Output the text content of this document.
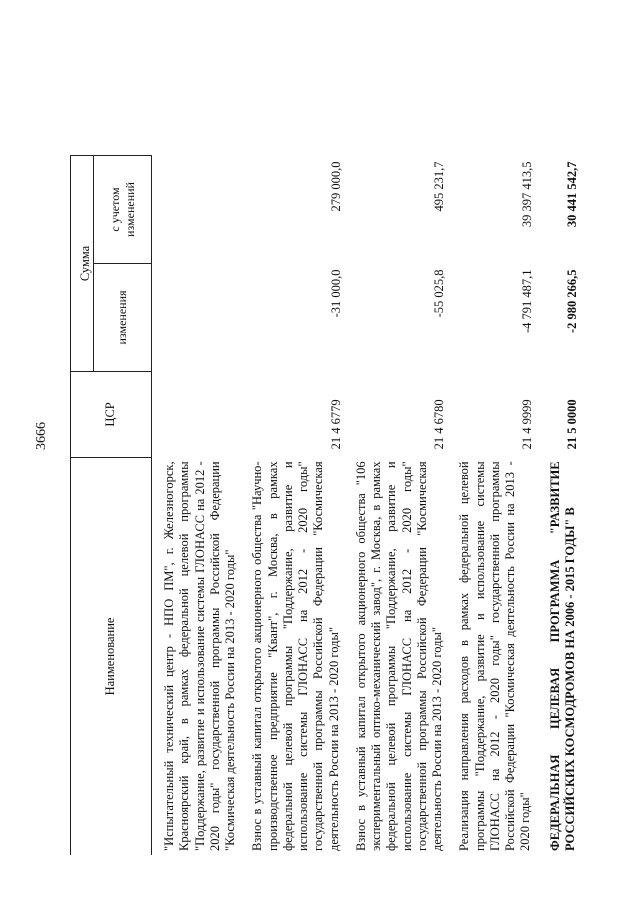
3666
Наименование	ЦСР	Сумма	
		изменения	с учетом изменений
"Испытательный технический центр - НПО ПМ", г. Железногорск, Красноярский край, в рамках федеральной целевой программы "Поддержание, развитие и использование системы ГЛОНАСС на 2012 - 2020 годы" государственной программы Российской Федерации "Космическая деятельность России на 2013 - 2020 годы"			
Взнос в уставный капитал открытого акционерного общества "Научно-производственное предприятие "Квант", г. Москва, в рамках федеральной целевой программы "Поддержание, развитие и использование системы ГЛОНАСС на 2012 - 2020 годы" государственной программы Российской Федерации "Космическая деятельность России на 2013 - 2020 годы"	21 4 6779	-31 000,0	279 000,0
Взнос в уставный капитал открытого акционерного общества "106 экспериментальный оптико-механический завод", г. Москва, в рамках федеральной целевой программы "Поддержание, развитие и использование системы ГЛОНАСС на 2012 - 2020 годы" государственной программы Российской Федерации "Космическая деятельность России на 2013 - 2020 годы"	21 4 6780	-55 025,8	495 231,7
Реализация направления расходов в рамках федеральной целевой программы "Поддержание, развитие и использование системы ГЛОНАСС на 2012 - 2020 годы" государственной программы Российской Федерации "Космическая деятельность России на 2013 - 2020 годы"	21 4 9999	-4 791 487,1	39 397 413,5
ФЕДЕРАЛЬНАЯ ЦЕЛЕВАЯ ПРОГРАММА "РАЗВИТИЕ РОССИЙСКИХ КОСМОДРОМОВ НА 2006 - 2015 ГОДЫ" В	21 5 0000	-2 980 266,5	30 441 542,7
